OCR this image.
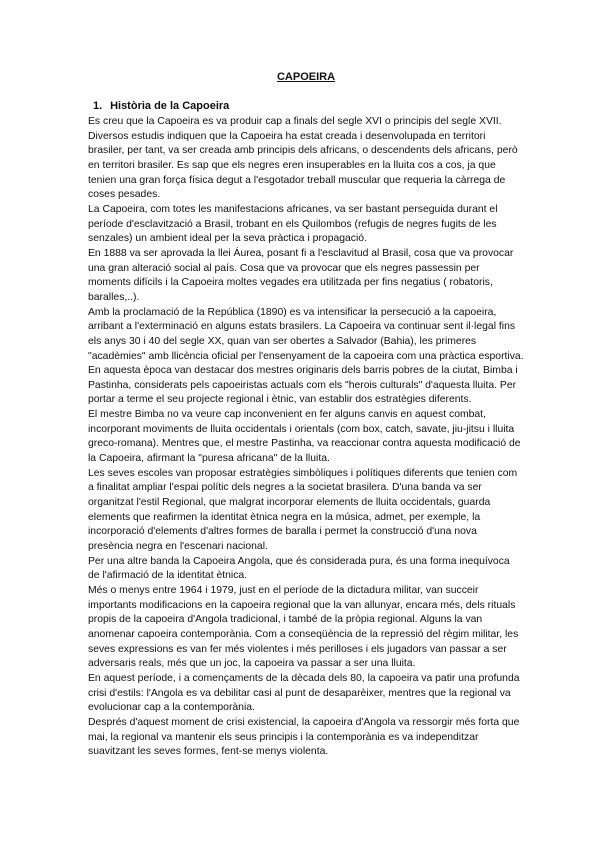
CAPOEIRA
1. Història de la Capoeira

Es creu que la Capoeira es va produir cap a finals del segle XVI o principis del segle XVII. Diversos estudis indiquen que la Capoeira ha estat creada i desenvolupada en territori brasiler, per tant, va ser creada amb principis dels africans, o descendents dels africans, però en territori brasiler. Es sap que els negres eren insuperables en la lluita cos a cos, ja que tenien una gran força física degut a l'esgotador treball muscular que requeria la càrrega de coses pesades.

La Capoeira, com totes les manifestacions africanes, va ser bastant perseguida durant el període d'esclavització a Brasil, trobant en els Quilombos (refugis de negres fugits de les senzales) un ambient ideal per la seva pràctica i propagació.

En 1888 va ser aprovada la llei Áurea, posant fi a l'esclavitud al Brasil, cosa que va provocar una gran alteració social al país. Cosa que va provocar que els negres passessin per moments difícils i la Capoeira moltes vegades era utilitzada per fins negatius ( robatoris, baralles,..).

Amb la proclamació de la República (1890) es va intensificar la persecució a la capoeira, arribant a l'exterminació en alguns estats brasilers. La Capoeira va continuar sent il·legal fins els anys 30 i 40 del segle XX, quan van ser obertes a Salvador (Bahia), les primeres "acadèmies" amb llicència oficial per l'ensenyament de la capoeira com una pràctica esportiva.

En aquesta època van destacar dos mestres originaris dels barris pobres de la ciutat, Bimba i Pastinha, considerats pels capoeiristas actuals com els "herois culturals" d'aquesta lluita. Per portar a terme el seu projecte regional i ètnic, van establir dos estratègies diferents.

El mestre Bimba no va veure cap inconvenient en fer alguns canvis en aquest combat, incorporant moviments de lluita occidentals i orientals (com box, catch, savate, jiu-jitsu i lluita greco-romana). Mentres que, el mestre Pastinha, va reaccionar contra aquesta modificació de la Capoeira, afirmant la "puresa africana" de la lluita.

Les seves escoles van proposar estratègies simbòliques i polítiques diferents que tenien com a finalitat ampliar l'espai polític dels negres a la societat brasilera. D'una banda va ser organitzat l'estil Regional, que malgrat incorporar elements de lluita occidentals, guarda elements que reafirmen la identitat ètnica negra en la música, admet, per exemple, la incorporació d'elements d'altres formes de baralla i permet la construcció d'una nova presència negra en l'escenari nacional.

Per una altre banda la Capoeira Angola, que és considerada pura, és una forma inequívoca de l'afirmació de la identitat ètnica.

Més o menys entre 1964 i 1979, just en el període de la dictadura militar, van succeir importants modificacions en la capoeira regional que la van allunyar, encara més, dels rituals propis de la capoeira d'Angola tradicional, i també de la pròpia regional. Alguns la van anomenar capoeira contemporània. Com a conseqüència de la repressió del règim militar, les seves expressions es van fer més violentes i més perilloses i els jugadors van passar a ser adversaris reals, més que un joc, la capoeira va passar a ser una lluita.

En aquest període, i a començaments de la dècada dels 80, la capoeira va patir una profunda crisi d'estils: l'Angola es va debilitar casi al punt de desaparèixer, mentres que la regional va evolucionar cap a la contemporània.

Després d'aquest moment de crisi existencial, la capoeira d'Angola va ressorgir més forta que mai, la regional va mantenir els seus principis i la contemporània es va independitzar suavitzant les seves formes, fent-se menys violenta.
